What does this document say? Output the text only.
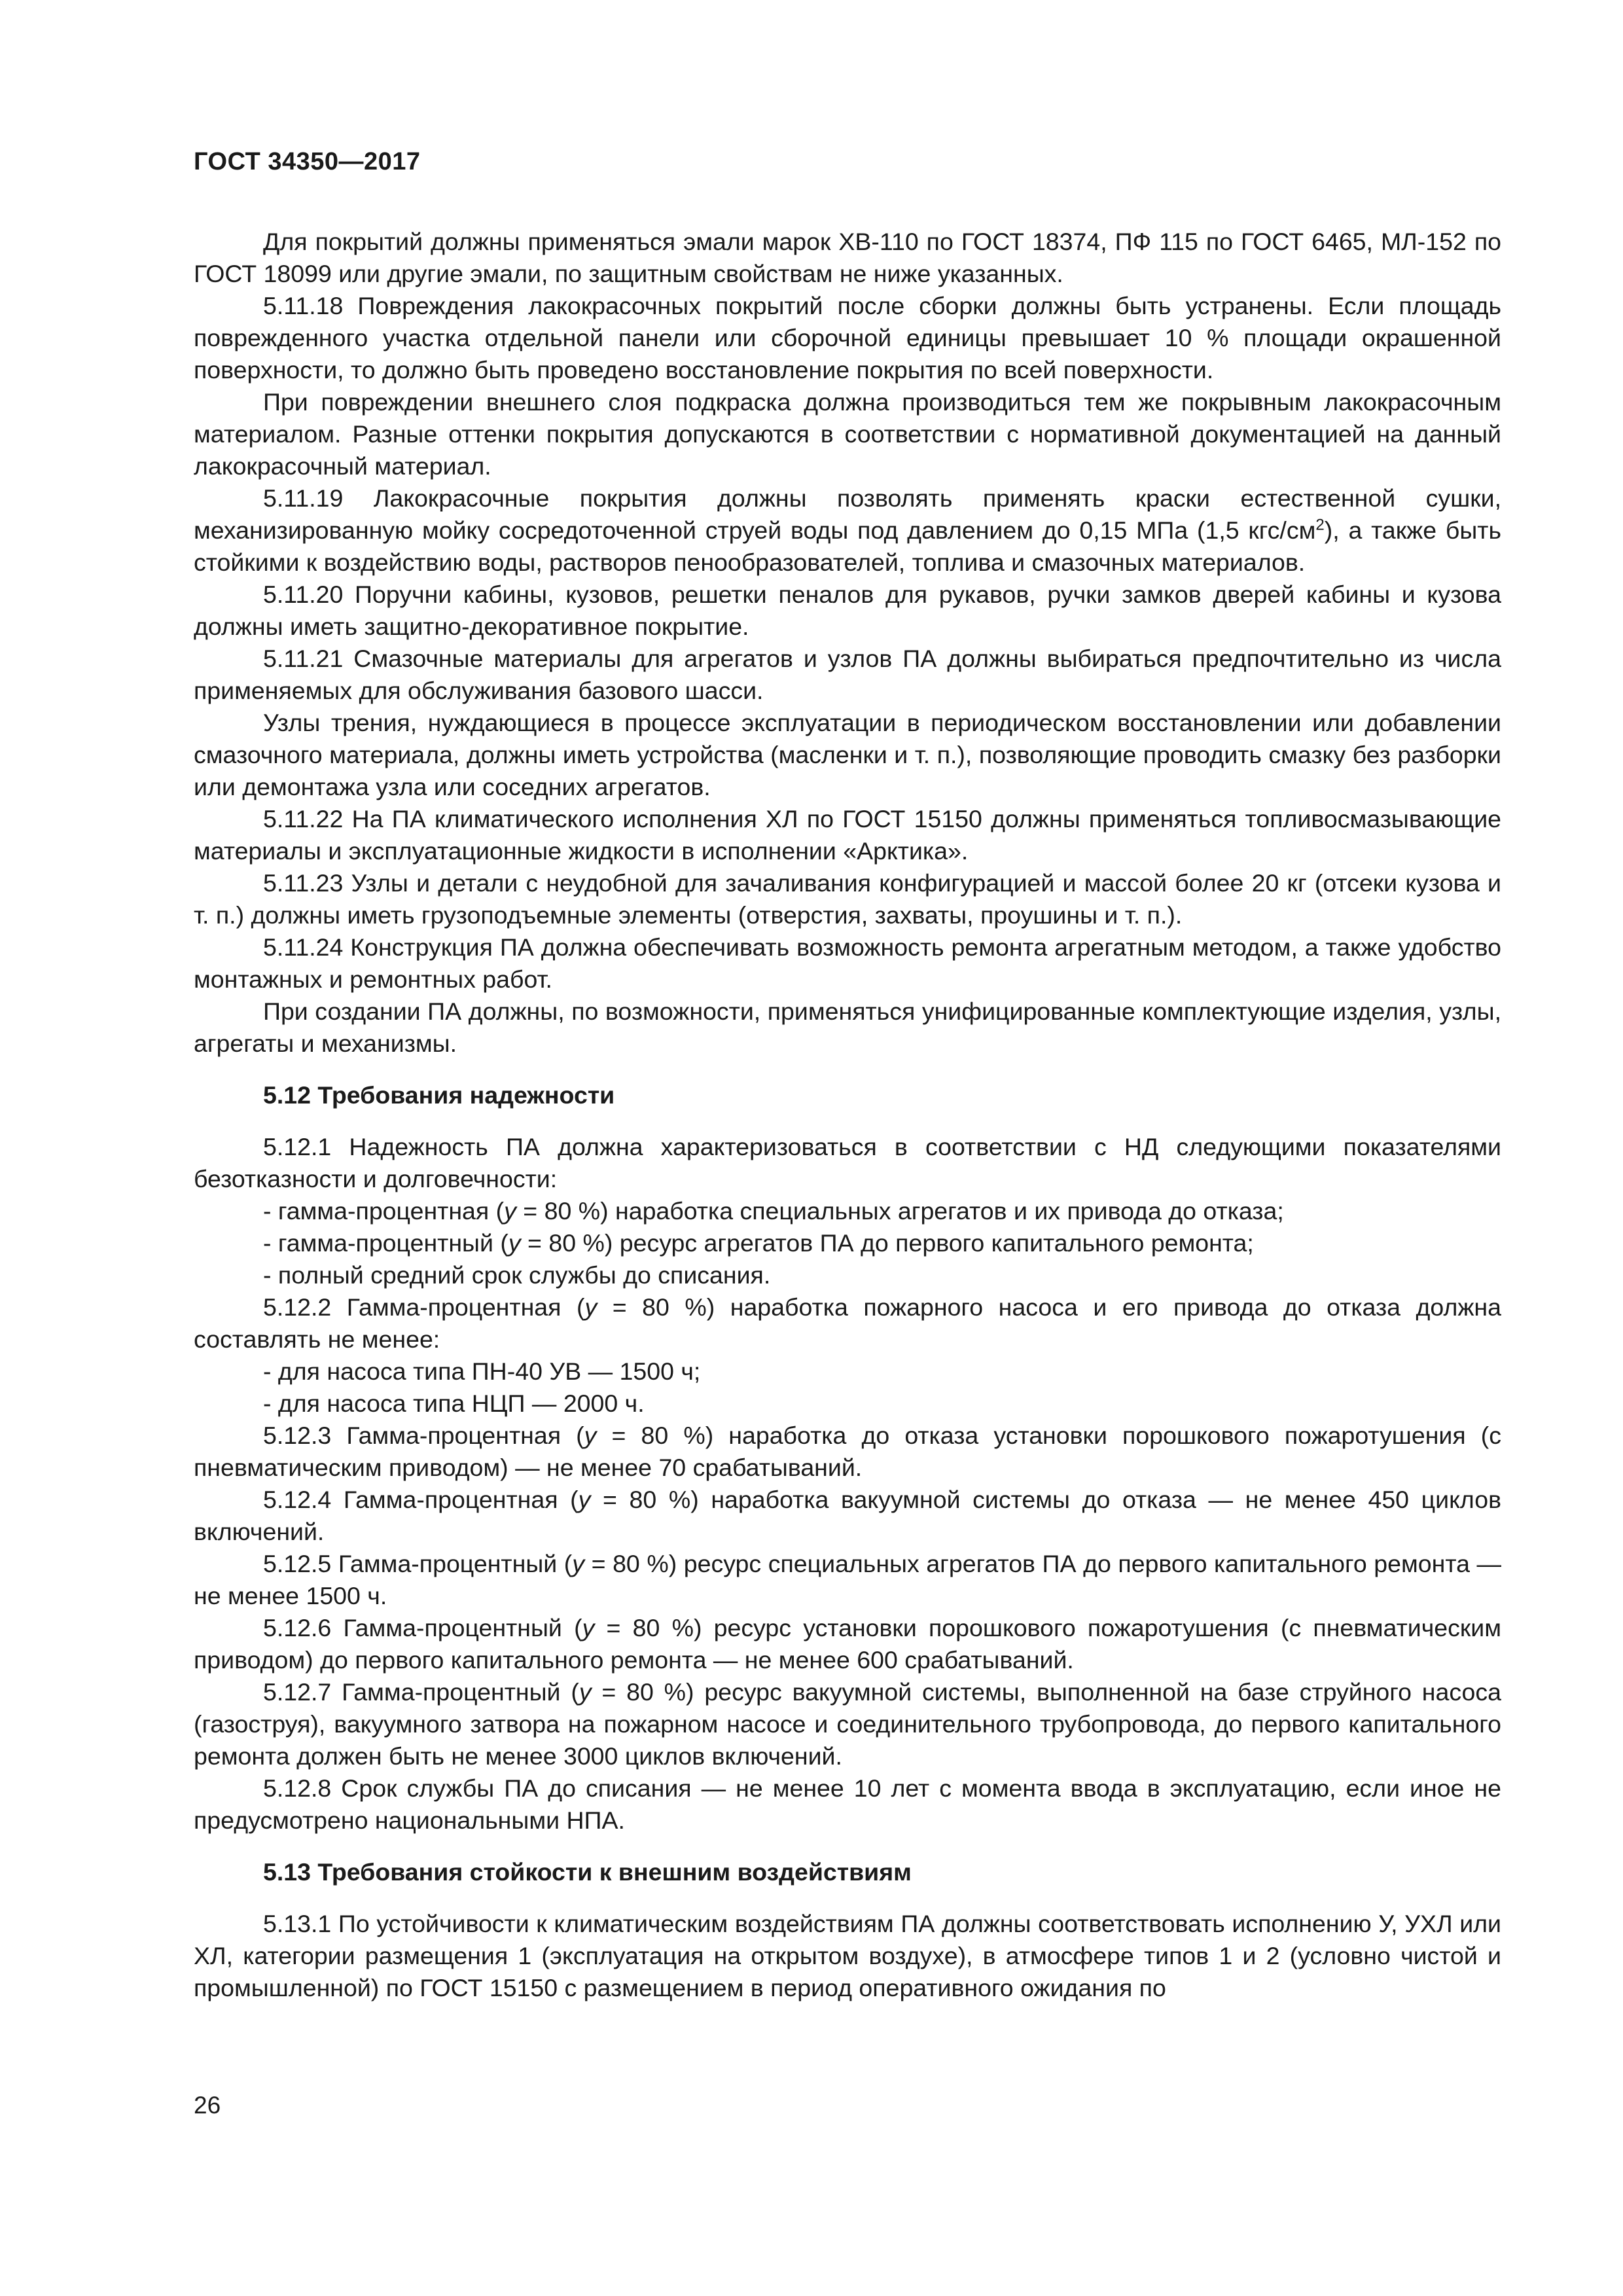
ГОСТ 34350—2017

Для покрытий должны применяться эмали марок ХВ-110 по ГОСТ 18374, ПФ 115 по ГОСТ 6465, МЛ-152 по ГОСТ 18099 или другие эмали, по защитным свойствам не ниже указанных.

5.11.18 Повреждения лакокрасочных покрытий после сборки должны быть устранены. Если площадь поврежденного участка отдельной панели или сборочной единицы превышает 10 % площади окрашенной поверхности, то должно быть проведено восстановление покрытия по всей поверхности.

При повреждении внешнего слоя подкраска должна производиться тем же покрывным лакокрасочным материалом. Разные оттенки покрытия допускаются в соответствии с нормативной документацией на данный лакокрасочный материал.

5.11.19 Лакокрасочные покрытия должны позволять применять краски естественной сушки, механизированную мойку сосредоточенной струей воды под давлением до 0,15 МПа (1,5 кгс/$см^2$), а также быть стойкими к воздействию воды, растворов пенообразователей, топлива и смазочных материалов.

5.11.20 Поручни кабины, кузовов, решетки пеналов для рукавов, ручки замков дверей кабины и кузова должны иметь защитно-декоративное покрытие.

5.11.21 Смазочные материалы для агрегатов и узлов ПА должны выбираться предпочтительно из числа применяемых для обслуживания базового шасси.

Узлы трения, нуждающиеся в процессе эксплуатации в периодическом восстановлении или добавлении смазочного материала, должны иметь устройства (масленки и т. п.), позволяющие проводить смазку без разборки или демонтажа узла или соседних агрегатов.

5.11.22 На ПА климатического исполнения ХЛ по ГОСТ 15150 должны применяться топливосмазывающие материалы и эксплуатационные жидкости в исполнении «Арктика».

5.11.23 Узлы и детали с неудобной для зачаливания конфигурацией и массой более 20 кг (отсеки кузова и т. п.) должны иметь грузоподъемные элементы (отверстия, захваты, проушины и т. п.).

5.11.24 Конструкция ПА должна обеспечивать возможность ремонта агрегатным методом, а также удобство монтажных и ремонтных работ.

При создании ПА должны, по возможности, применяться унифицированные комплектующие изделия, узлы, агрегаты и механизмы.

5.12 Требования надежности

5.12.1 Надежность ПА должна характеризоваться в соответствии с НД следующими показателями безотказности и долговечности:

- гамма-процентная (у = 80 %) наработка специальных агрегатов и их привода до отказа;

- гамма-процентный (у = 80 %) ресурс агрегатов ПА до первого капитального ремонта;

- полный средний срок службы до списания.

5.12.2 Гамма-процентная (у = 80 %) наработка пожарного насоса и его привода до отказа должна составлять не менее:

- для насоса типа ПН-40 УВ — 1500 ч;

- для насоса типа НЦП — 2000 ч.

5.12.3 Гамма-процентная (у = 80 %) наработка до отказа установки порошкового пожаротушения (с пневматическим приводом) — не менее 70 срабатываний.

5.12.4 Гамма-процентная (у = 80 %) наработка вакуумной системы до отказа — не менее 450 циклов включений.

5.12.5 Гамма-процентный (у = 80 %) ресурс специальных агрегатов ПА до первого капитального ремонта — не менее 1500 ч.

5.12.6 Гамма-процентный (у = 80 %) ресурс установки порошкового пожаротушения (с пневматическим приводом) до первого капитального ремонта — не менее 600 срабатываний.

5.12.7 Гамма-процентный (у = 80 %) ресурс вакуумной системы, выполненной на базе струйного насоса (газоструя), вакуумного затвора на пожарном насосе и соединительного трубопровода, до первого капитального ремонта должен быть не менее 3000 циклов включений.

5.12.8 Срок службы ПА до списания — не менее 10 лет с момента ввода в эксплуатацию, если иное не предусмотрено национальными НПА.

5.13 Требования стойкости к внешним воздействиям

5.13.1 По устойчивости к климатическим воздействиям ПА должны соответствовать исполнению У, УХЛ или ХЛ, категории размещения 1 (эксплуатация на открытом воздухе), в атмосфере типов 1 и 2 (условно чистой и промышленной) по ГОСТ 15150 с размещением в период оперативного ожидания по

26
